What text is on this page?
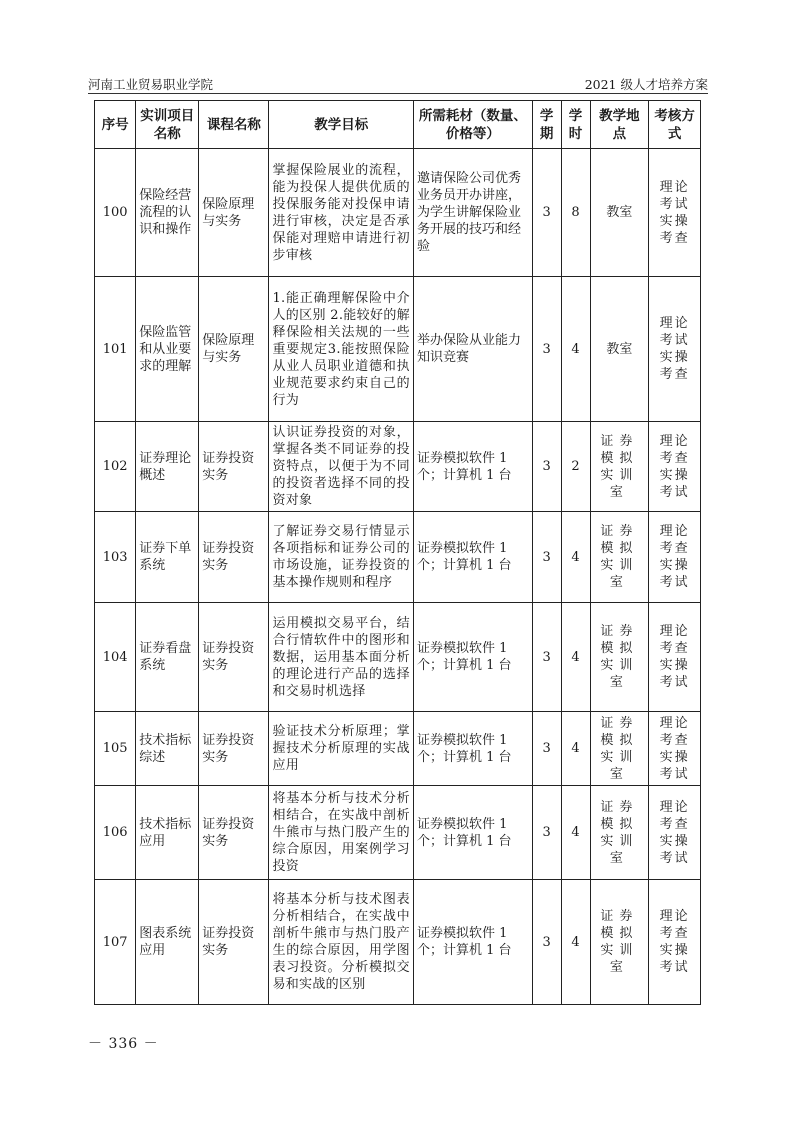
河南工业贸易职业学院	2021 级人才培养方案
序号	实训项目名称	课程名称	教学目标	所需耗材（数量、价格等）	学期	学时	教学地点	考核方式
100	保险经营流程的认识和操作	保险原理与实务	掌握保险展业的流程，能为投保人提供优质的投保服务能对投保申请进行审核，决定是否承保能对理赔申请进行初步审核	邀请保险公司优秀业务员开办讲座，为学生讲解保险业务开展的技巧和经验	3	8	教室	理论考试实操考查
101	保险监管和从业要求的理解	保险原理与实务	1.能正确理解保险中介人的区别 2.能较好的解释保险相关法规的一些重要规定3.能按照保险从业人员职业道德和执业规范要求约束自己的行为	举办保险从业能力知识竞赛	3	4	教室	理论考试实操考查
102	证券理论概述	证券投资实务	认识证券投资的对象，掌握各类不同证券的投资特点，以便于为不同的投资者选择不同的投资对象	证券模拟软件 1 个；计算机 1 台	3	2	证券模拟实训室	理论考查实操考试
103	证券下单系统	证券投资实务	了解证券交易行情显示各项指标和证券公司的市场设施，证券投资的基本操作规则和程序	证券模拟软件 1 个；计算机 1 台	3	4	证券模拟实训室	理论考查实操考试
104	证券看盘系统	证券投资实务	运用模拟交易平台，结合行情软件中的图形和数据，运用基本面分析的理论进行产品的选择和交易时机选择	证券模拟软件 1 个；计算机 1 台	3	4	证券模拟实训室	理论考查实操考试
105	技术指标综述	证券投资实务	验证技术分析原理；掌握技术分析原理的实战应用	证券模拟软件 1 个；计算机 1 台	3	4	证券模拟实训室	理论考查实操考试
106	技术指标应用	证券投资实务	将基本分析与技术分析相结合，在实战中剖析牛熊市与热门股产生的综合原因，用案例学习投资	证券模拟软件 1 个；计算机 1 台	3	4	证券模拟实训室	理论考查实操考试
107	图表系统应用	证券投资实务	将基本分析与技术图表分析相结合，在实战中剖析牛熊市与热门股产生的综合原因，用学图表习投资。分析模拟交易和实战的区别	证券模拟软件 1 个；计算机 1 台	3	4	证券模拟实训室	理论考查实操考试
－ 336 －
